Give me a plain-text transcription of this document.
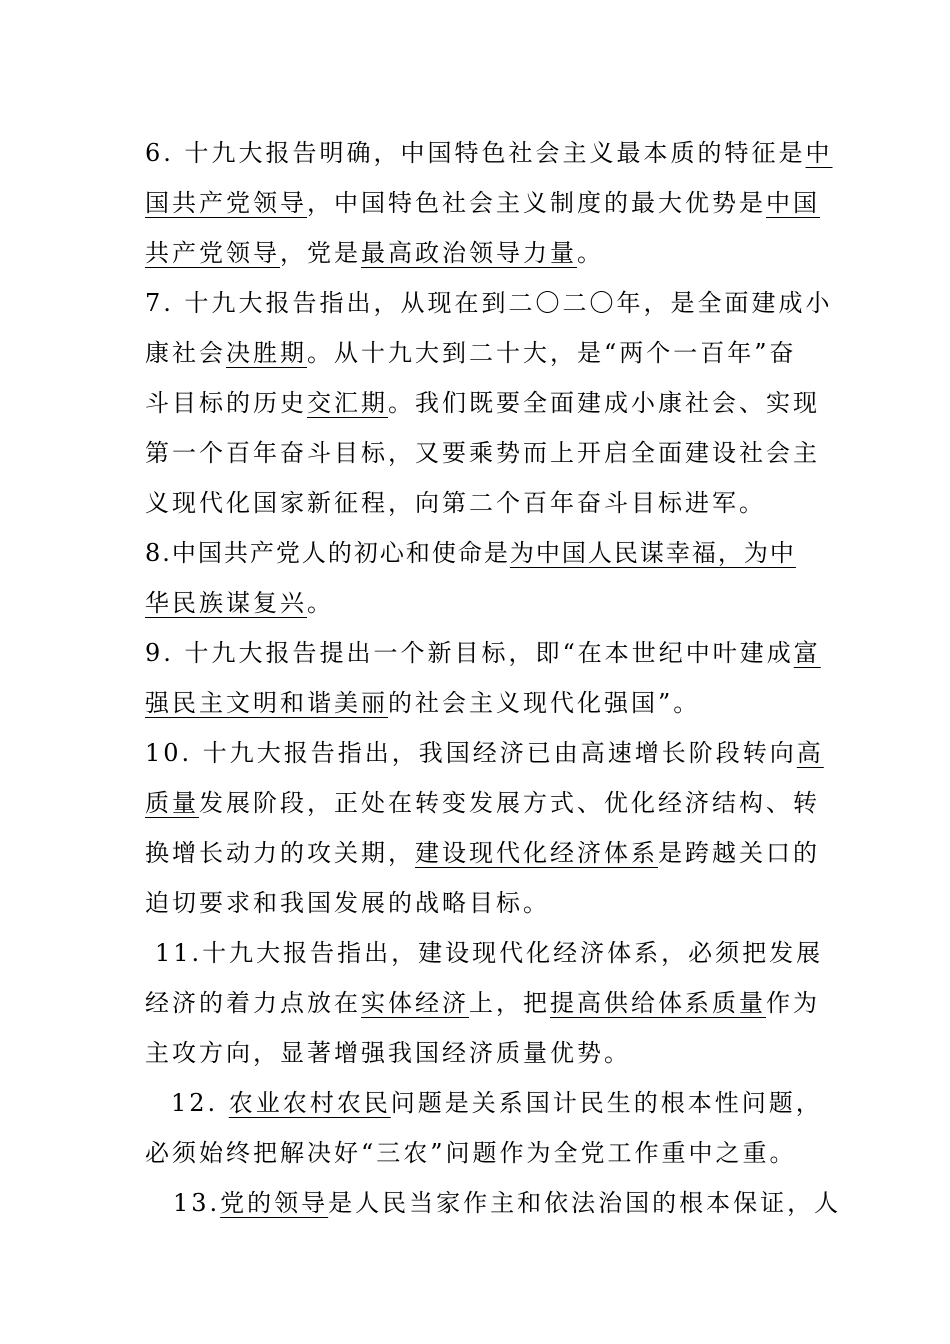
6. 十九大报告明确，中国特色社会主义最本质的特征是中
国共产党领导，中国特色社会主义制度的最大优势是中国
共产党领导，党是最高政治领导力量。
7. 十九大报告指出，从现在到二〇二〇年，是全面建成小
康社会决胜期。从十九大到二十大，是“两个一百年”奋
斗目标的历史交汇期。我们既要全面建成小康社会、实现
第一个百年奋斗目标，又要乘势而上开启全面建设社会主
义现代化国家新征程，向第二个百年奋斗目标进军。
8.中国共产党人的初心和使命是为中国人民谋幸福，为中
华民族谋复兴。
9. 十九大报告提出一个新目标，即“在本世纪中叶建成富
强民主文明和谐美丽的社会主义现代化强国”。
10. 十九大报告指出，我国经济已由高速增长阶段转向高
质量发展阶段，正处在转变发展方式、优化经济结构、转
换增长动力的攻关期，建设现代化经济体系是跨越关口的
迫切要求和我国发展的战略目标。
11.十九大报告指出，建设现代化经济体系，必须把发展
经济的着力点放在实体经济上，把提高供给体系质量作为
主攻方向，显著增强我国经济质量优势。
12. 农业农村农民问题是关系国计民生的根本性问题，
必须始终把解决好“三农”问题作为全党工作重中之重。
13.党的领导是人民当家作主和依法治国的根本保证，人
